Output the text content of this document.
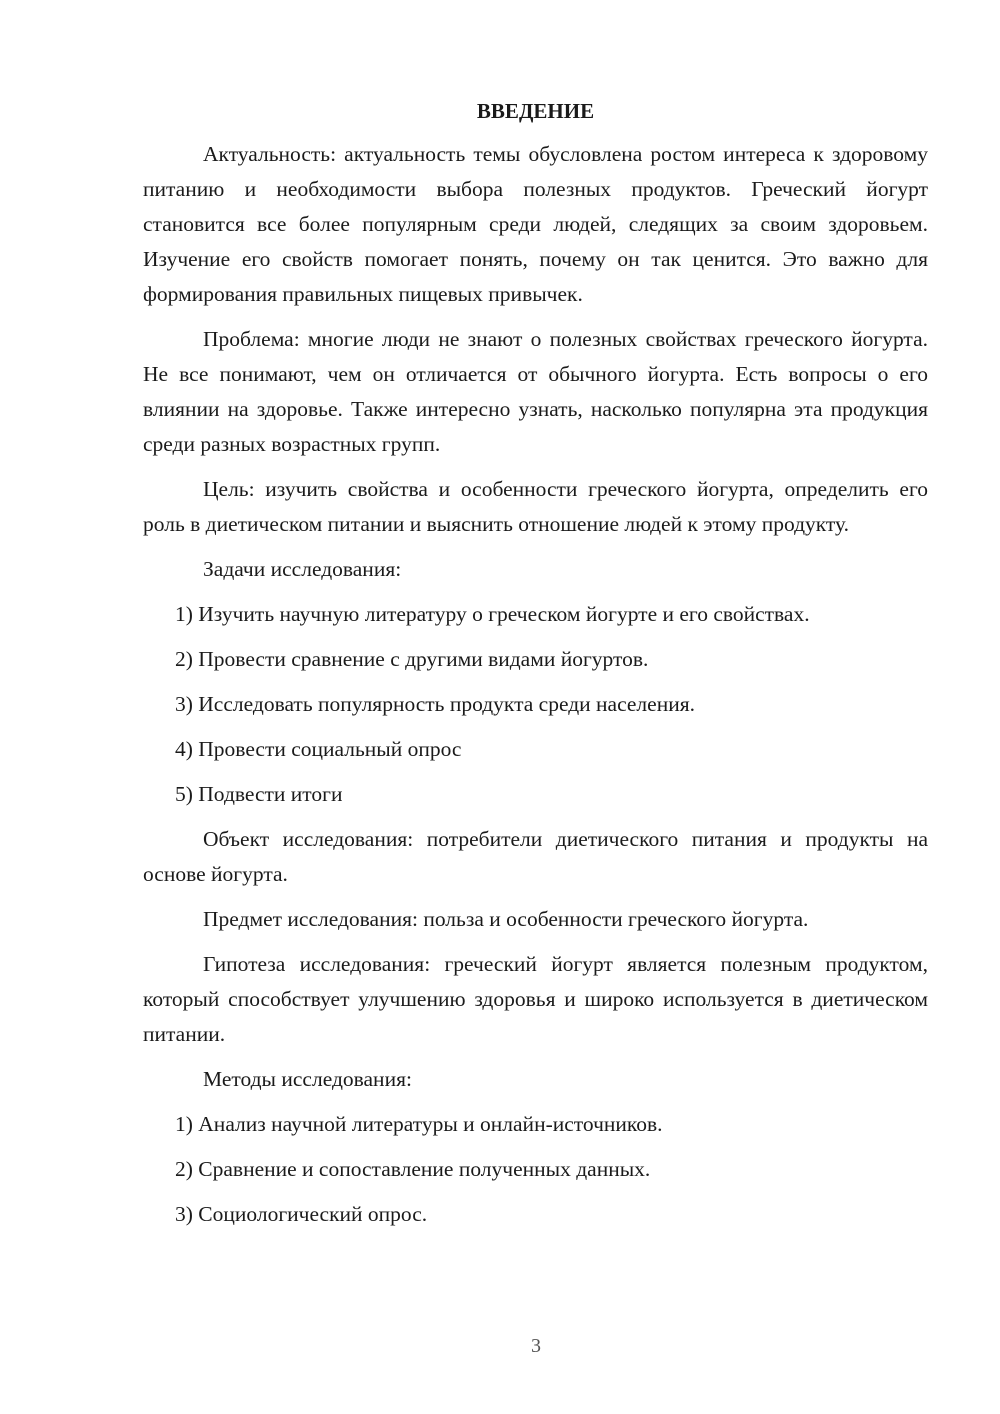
ВВЕДЕНИЕ

Актуальность: актуальность темы обусловлена ростом интереса к здоровому питанию и необходимости выбора полезных продуктов. Греческий йогурт становится все более популярным среди людей, следящих за своим здоровьем. Изучение его свойств помогает понять, почему он так ценится. Это важно для формирования правильных пищевых привычек.

Проблема: многие люди не знают о полезных свойствах греческого йогурта. Не все понимают, чем он отличается от обычного йогурта. Есть вопросы о его влиянии на здоровье. Также интересно узнать, насколько популярна эта продукция среди разных возрастных групп.

Цель: изучить свойства и особенности греческого йогурта, определить его роль в диетическом питании и выяснить отношение людей к этому продукту.

Задачи исследования:

1) Изучить научную литературу о греческом йогурте и его свойствах.
2) Провести сравнение с другими видами йогуртов.
3) Исследовать популярность продукта среди населения.
4) Провести социальный опрос
5) Подвести итоги

Объект исследования: потребители диетического питания и продукты на основе йогурта.

Предмет исследования: польза и особенности греческого йогурта.

Гипотеза исследования: греческий йогурт является полезным продуктом, который способствует улучшению здоровья и широко используется в диетическом питании.

Методы исследования:

1) Анализ научной литературы и онлайн-источников.
2) Сравнение и сопоставление полученных данных.
3) Социологический опрос.
3
